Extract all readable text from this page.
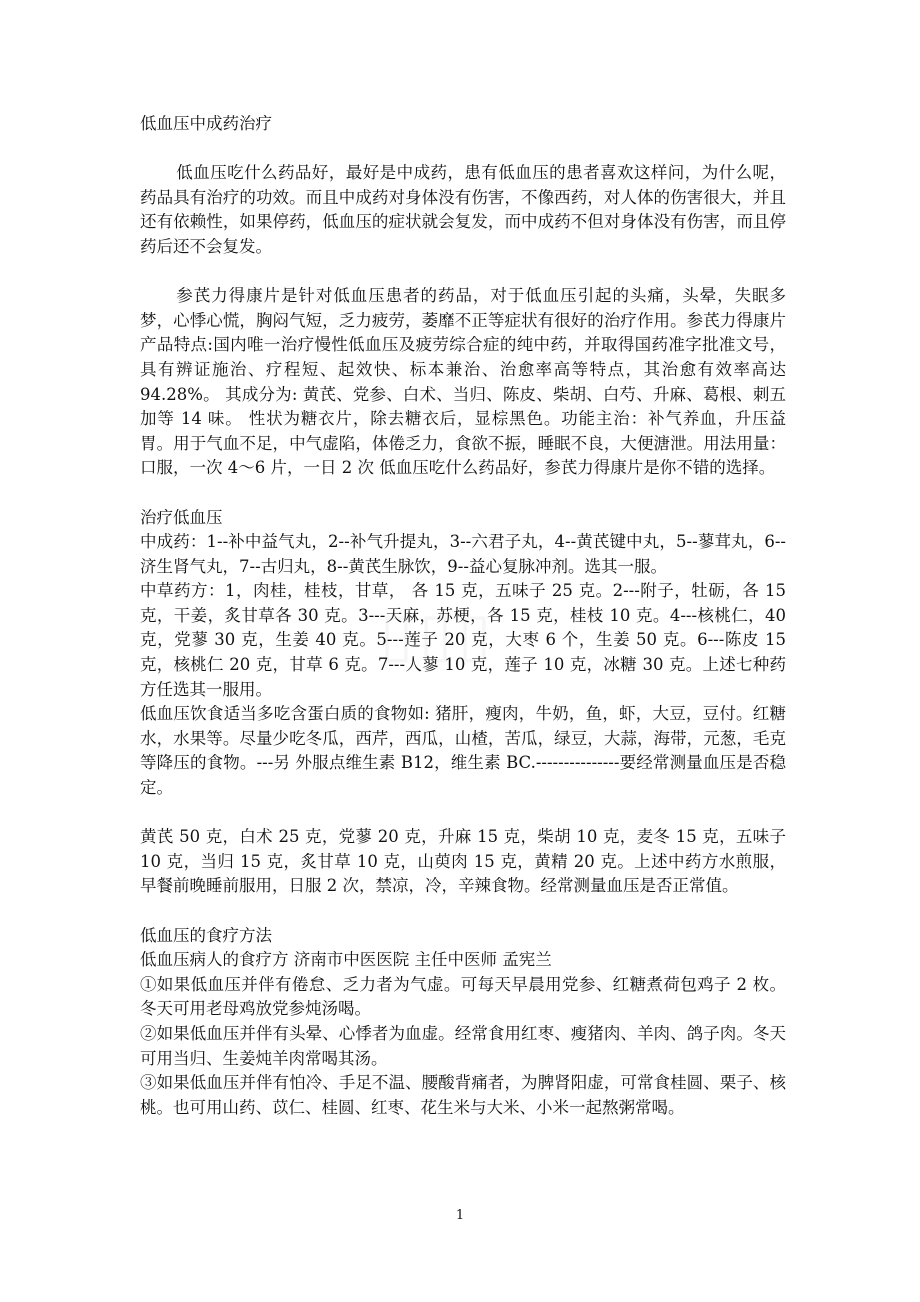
低血压中成药治疗

低血压吃什么药品好，最好是中成药，患有低血压的患者喜欢这样问，为什么呢，药品具有治疗的功效。而且中成药对身体没有伤害，不像西药，对人体的伤害很大，并且还有依赖性，如果停药，低血压的症状就会复发，而中成药不但对身体没有伤害，而且停药后还不会复发。

参芪力得康片是针对低血压患者的药品，对于低血压引起的头痛，头晕，失眠多梦，心悸心慌，胸闷气短，乏力疲劳，萎靡不正等症状有很好的治疗作用。参芪力得康片产品特点:国内唯一治疗慢性低血压及疲劳综合症的纯中药，并取得国药准字批准文号，具有辨证施治、疗程短、起效快、标本兼治、治愈率高等特点，其治愈有效率高达 94.28%。 其成分为: 黄芪、党参、白术、当归、陈皮、柴胡、白芍、升麻、葛根、刺五加等 14 味。 性状为糖衣片，除去糖衣后，显棕黑色。功能主治：补气养血，升压益胃。用于气血不足，中气虚陷，体倦乏力，食欲不振，睡眠不良，大便溏泄。用法用量：口服，一次 4～6 片，一日 2 次 低血压吃什么药品好，参芪力得康片是你不错的选择。

治疗低血压

中成药：1--补中益气丸，2--补气升提丸，3--六君子丸，4--黄芪键中丸，5--蓼茸丸，6--济生肾气丸，7--古归丸，8--黄芪生脉饮，9--益心复脉冲剂。选其一服。

中草药方：1，肉桂，桂枝，甘草， 各 15 克，五味子 25 克。2---附子，牡砺，各 15 克，干姜，炙甘草各 30 克。3---天麻，苏梗，各 15 克，桂枝 10 克。4---核桃仁，40 克，党蓼 30 克，生姜 40 克。5---莲子 20 克，大枣 6 个，生姜 50 克。6---陈皮 15 克，核桃仁 20 克，甘草 6 克。7---人蓼 10 克，莲子 10 克，冰糖 30 克。上述七种药方任选其一服用。

低血压饮食适当多吃含蛋白质的食物如: 猪肝，瘦肉，牛奶，鱼，虾，大豆，豆付。红糖水，水果等。尽量少吃冬瓜，西芹，西瓜，山楂，苦瓜，绿豆，大蒜，海带，元葱，毛克等降压的食物。---另 外服点维生素 B12，维生素 BC.---------------要经常测量血压是否稳定。

黄芪 50 克，白术 25 克，党蓼 20 克，升麻 15 克，柴胡 10 克，麦冬 15 克，五味子 10 克，当归 15 克，炙甘草 10 克，山萸肉 15 克，黄精 20 克。上述中药方水煎服，早餐前晚睡前服用，日服 2 次，禁凉，冷，辛辣食物。经常测量血压是否正常值。

低血压的食疗方法

低血压病人的食疗方 济南市中医医院 主任中医师 孟宪兰

①如果低血压并伴有倦怠、乏力者为气虚。可每天早晨用党参、红糖煮荷包鸡子 2 枚。冬天可用老母鸡放党参炖汤喝。

②如果低血压并伴有头晕、心悸者为血虚。经常食用红枣、瘦猪肉、羊肉、鸽子肉。冬天可用当归、生姜炖羊肉常喝其汤。

③如果低血压并伴有怕冷、手足不温、腰酸背痛者，为脾肾阳虚，可常食桂圆、栗子、核桃。也可用山药、苡仁、桂圆、红枣、花生米与大米、小米一起熬粥常喝。

1
